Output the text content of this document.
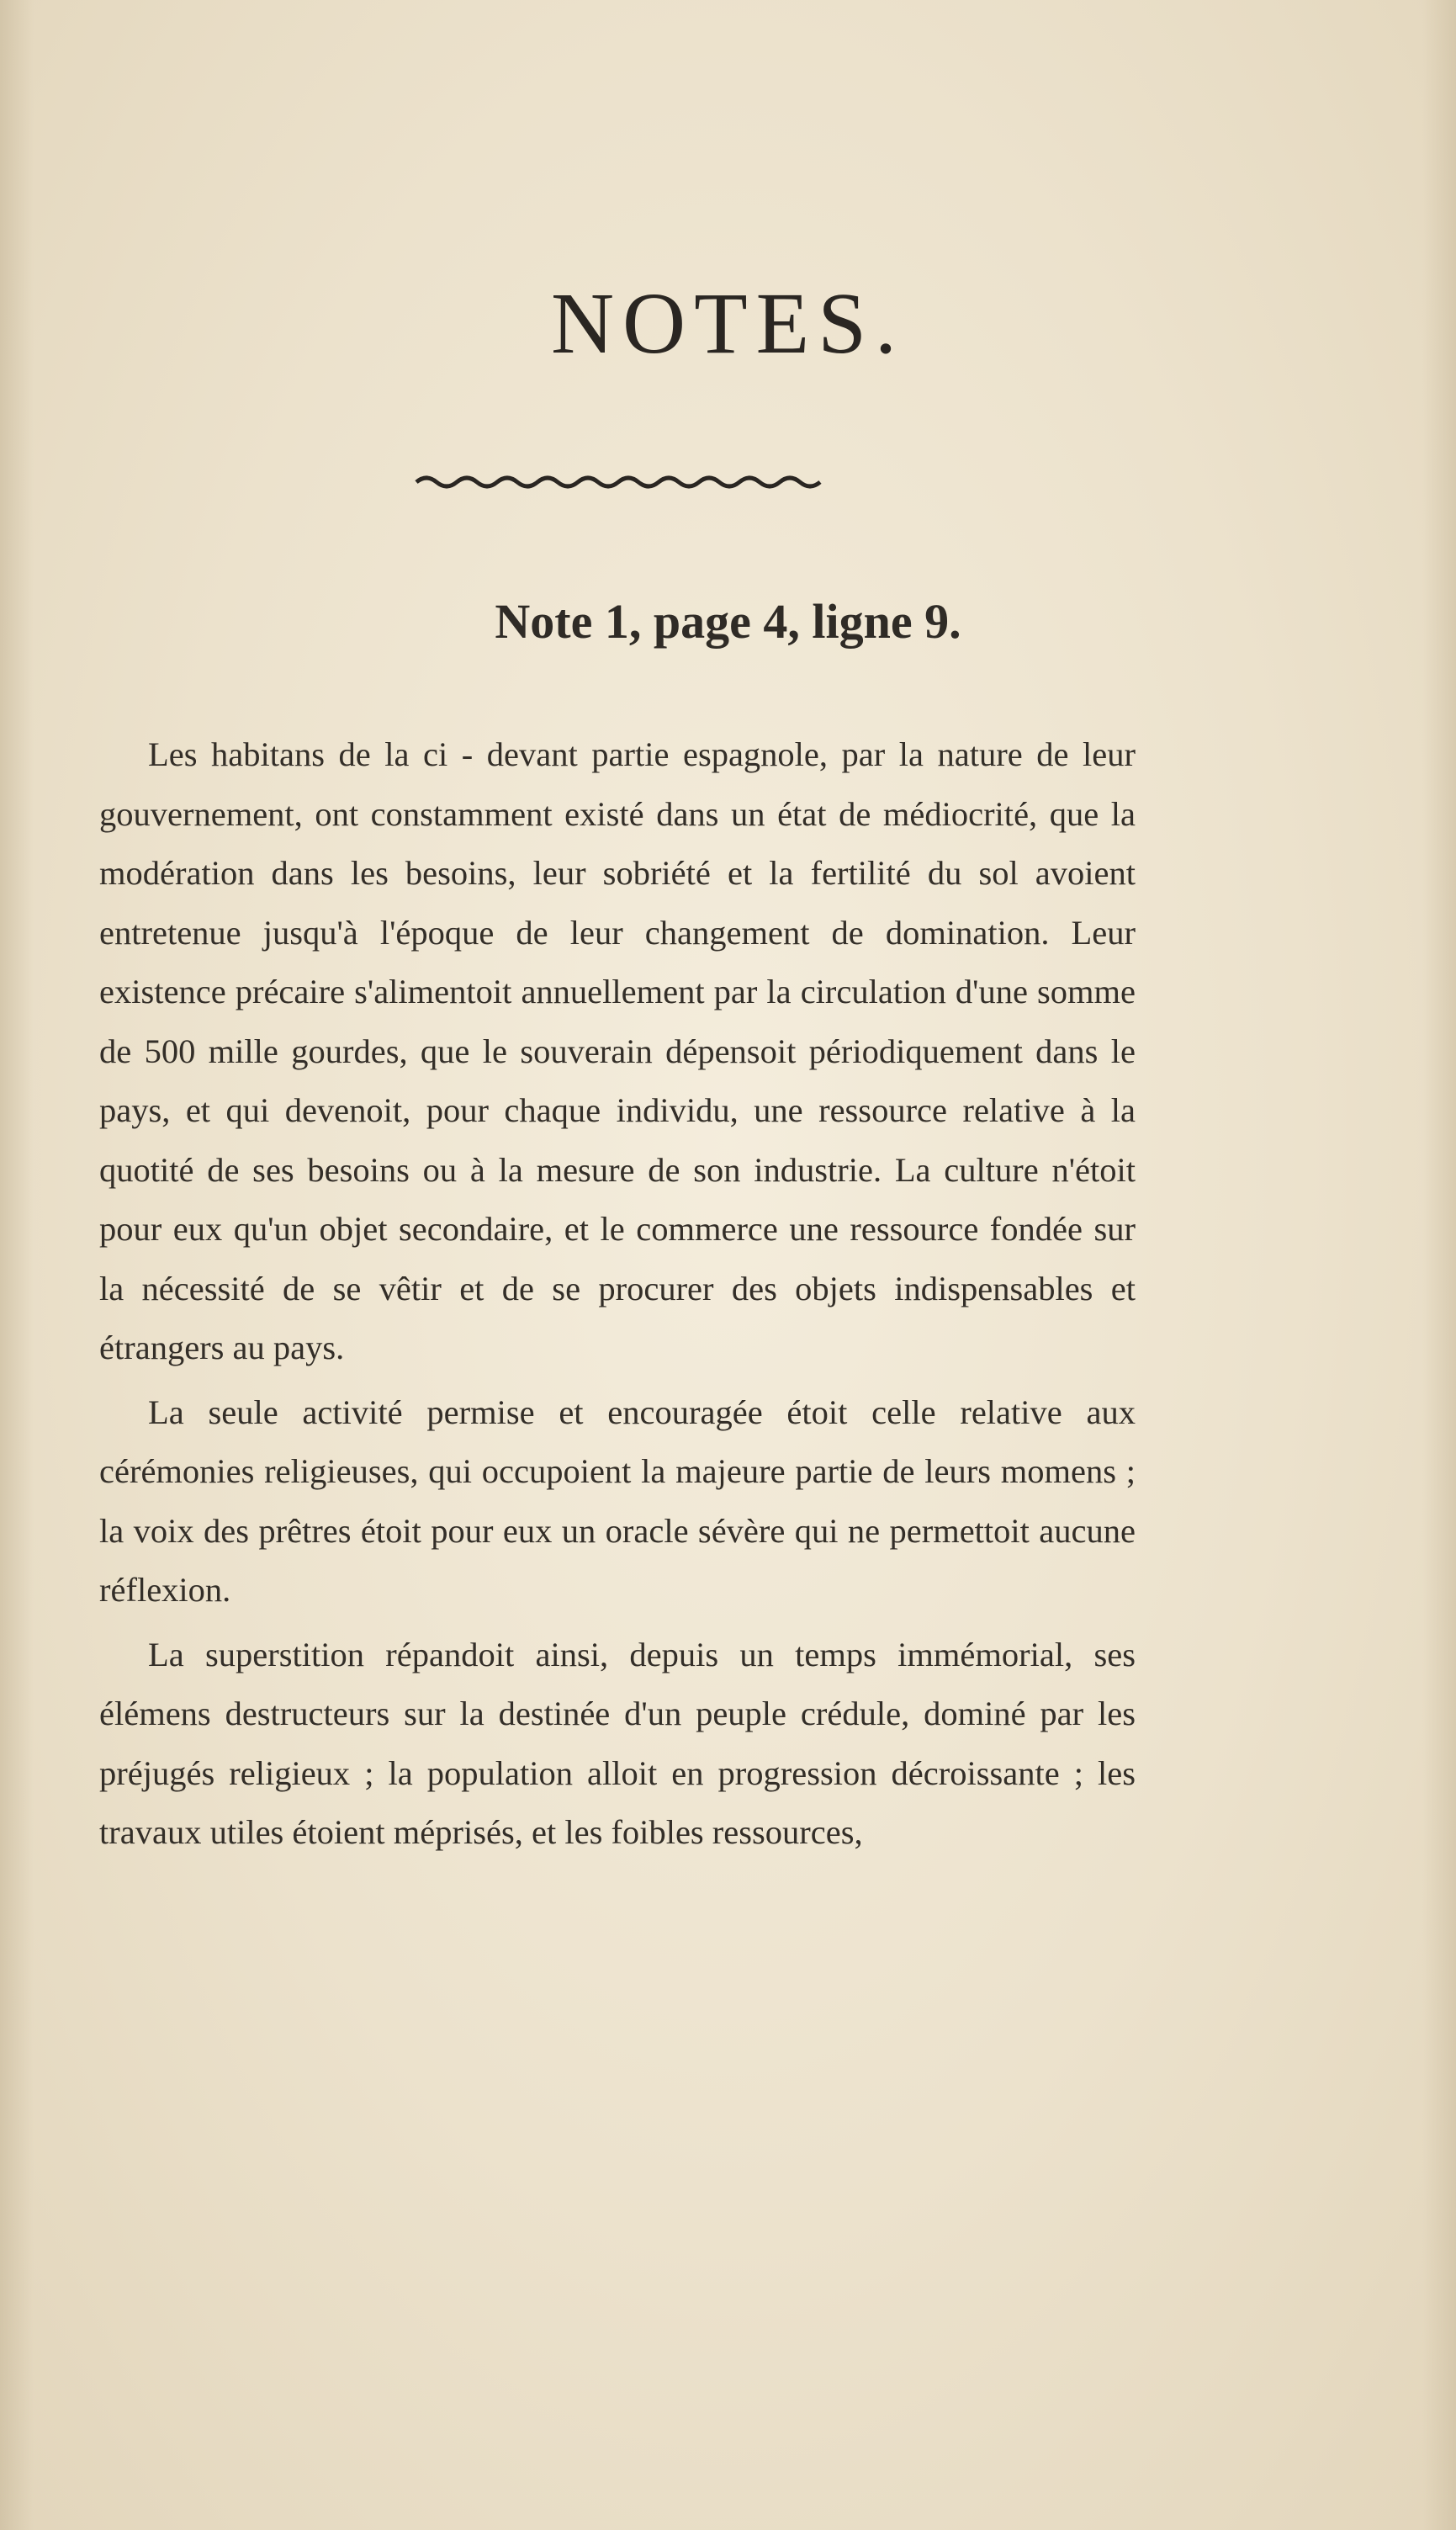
NOTES.
Note 1, page 4, ligne 9.

Les habitans de la ci - devant partie espagnole, par la nature de leur gouvernement, ont constamment existé dans un état de médiocrité, que la modération dans les besoins, leur sobriété et la fertilité du sol avoient entretenue jusqu'à l'époque de leur changement de domination. Leur existence précaire s'alimentoit annuellement par la circulation d'une somme de 500 mille gourdes, que le souverain dépensoit périodiquement dans le pays, et qui devenoit, pour chaque individu, une ressource relative à la quotité de ses besoins ou à la mesure de son industrie. La culture n'étoit pour eux qu'un objet secondaire, et le commerce une ressource fondée sur la nécessité de se vêtir et de se procurer des objets indispensables et étrangers au pays.

La seule activité permise et encouragée étoit celle relative aux cérémonies religieuses, qui occupoient la majeure partie de leurs momens ; la voix des prêtres étoit pour eux un oracle sévère qui ne permettoit aucune réflexion.

La superstition répandoit ainsi, depuis un temps immémorial, ses élémens destructeurs sur la destinée d'un peuple crédule, dominé par les préjugés religieux ; la population alloit en progression décroissante ; les travaux utiles étoient méprisés, et les foibles ressources,
